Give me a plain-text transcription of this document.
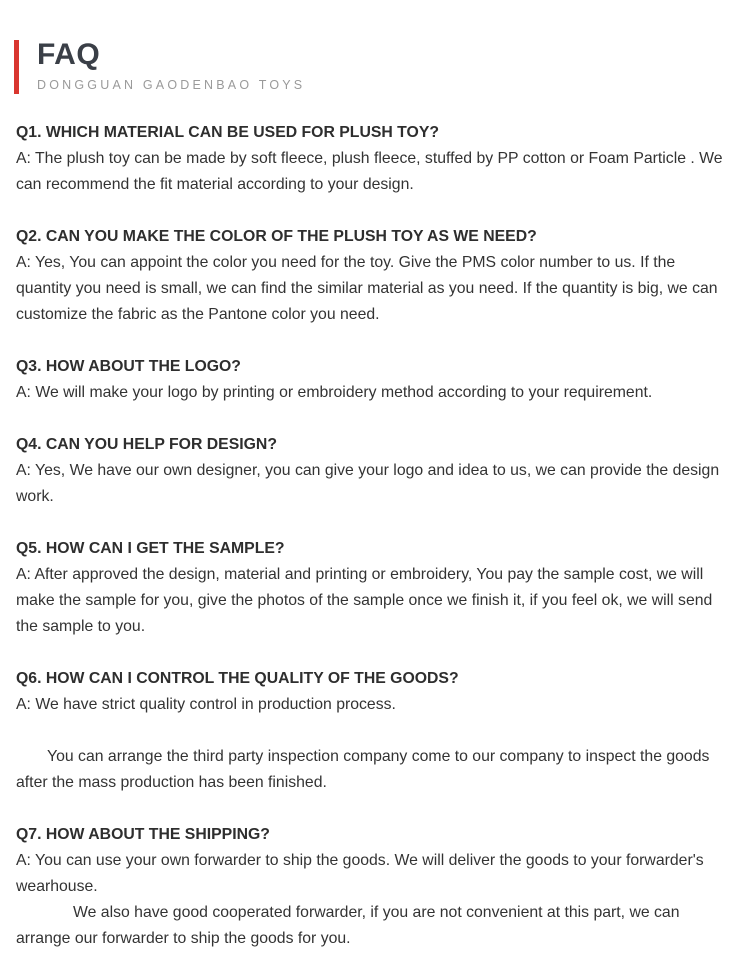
FAQ
DONGGUAN GAODENBAO TOYS

Q1. WHICH MATERIAL CAN BE USED FOR PLUSH TOY?

A: The plush toy can be made by soft fleece, plush fleece, stuffed by PP cotton or Foam Particle . We can recommend the fit material according to your design.

Q2. CAN YOU MAKE THE COLOR OF THE PLUSH TOY AS WE NEED?

A: Yes, You can appoint the color you need for the toy. Give the PMS color number to us. If the quantity you need is small, we can find the similar material as you need. If the quantity is big, we can customize the fabric as the Pantone color you need.

Q3. HOW ABOUT THE LOGO?

A: We will make your logo by printing or embroidery method according to your requirement.

Q4. CAN YOU HELP FOR DESIGN?

A: Yes, We have our own designer, you can give your logo and idea to us, we can provide the design work.

Q5. HOW CAN I GET THE SAMPLE?

A: After approved the design, material and printing or embroidery, You pay the sample cost, we will make the sample for you, give the photos of the sample once we finish it, if you feel ok, we will send the sample to you.

Q6. HOW CAN I CONTROL THE QUALITY OF THE GOODS?

A: We have strict quality control in production process.

You can arrange the third party inspection company come to our company to inspect the goods after the mass production has been finished.

Q7. HOW ABOUT THE SHIPPING?

A: You can use your own forwarder to ship the goods. We will deliver the goods to your forwarder's wearhouse.

We also have good cooperated forwarder, if you are not convenient at this part, we can arrange our forwarder to ship the goods for you.
